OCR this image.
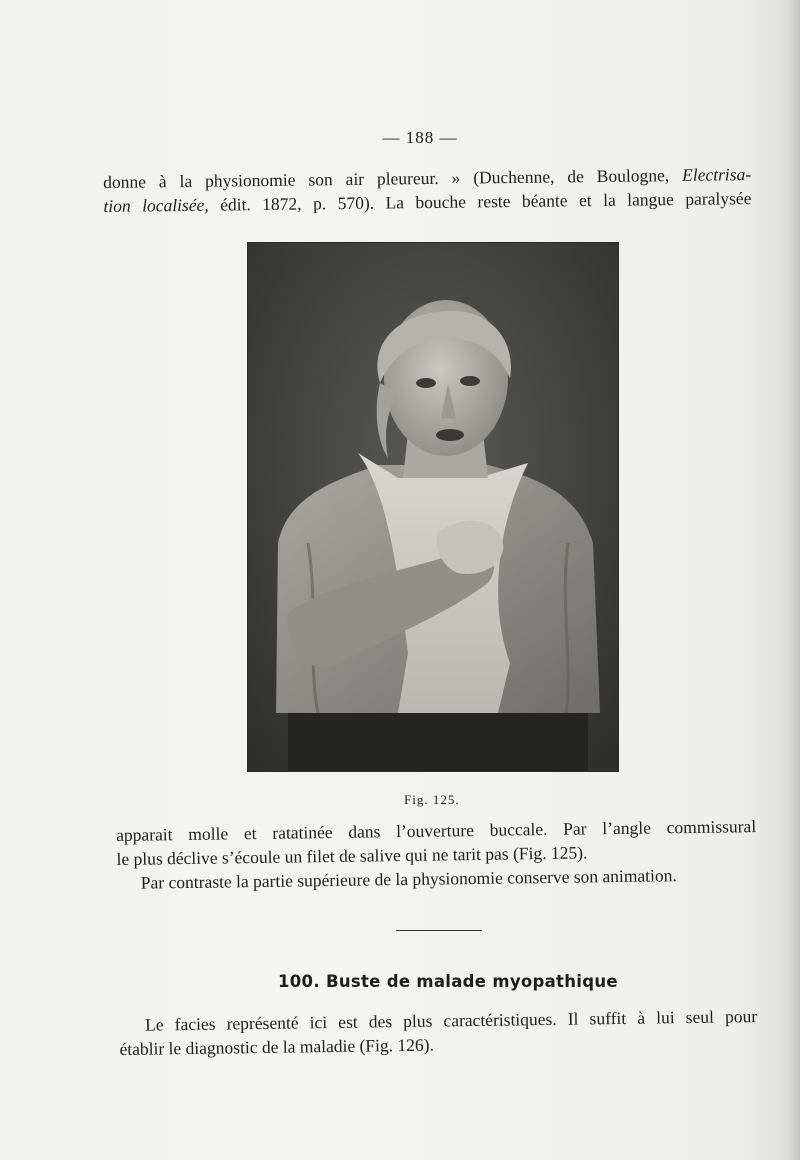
— 188 —
donne à la physionomie son air pleureur. » (Duchenne, de Boulogne, Electrisa-
tion localisée, édit. 1872, p. 570). La bouche reste béante et la langue paralysée
Fig. 125.
apparait molle et ratatinée dans l’ouverture buccale. Par l’angle commissural
le plus déclive s’écoule un filet de salive qui ne tarit pas (Fig. 125).
Par contraste la partie supérieure de la physionomie conserve son animation.
100. Buste de malade myopathique
Le facies représenté ici est des plus caractéristiques. Il suffit à lui seul pour
établir le diagnostic de la maladie (Fig. 126).
